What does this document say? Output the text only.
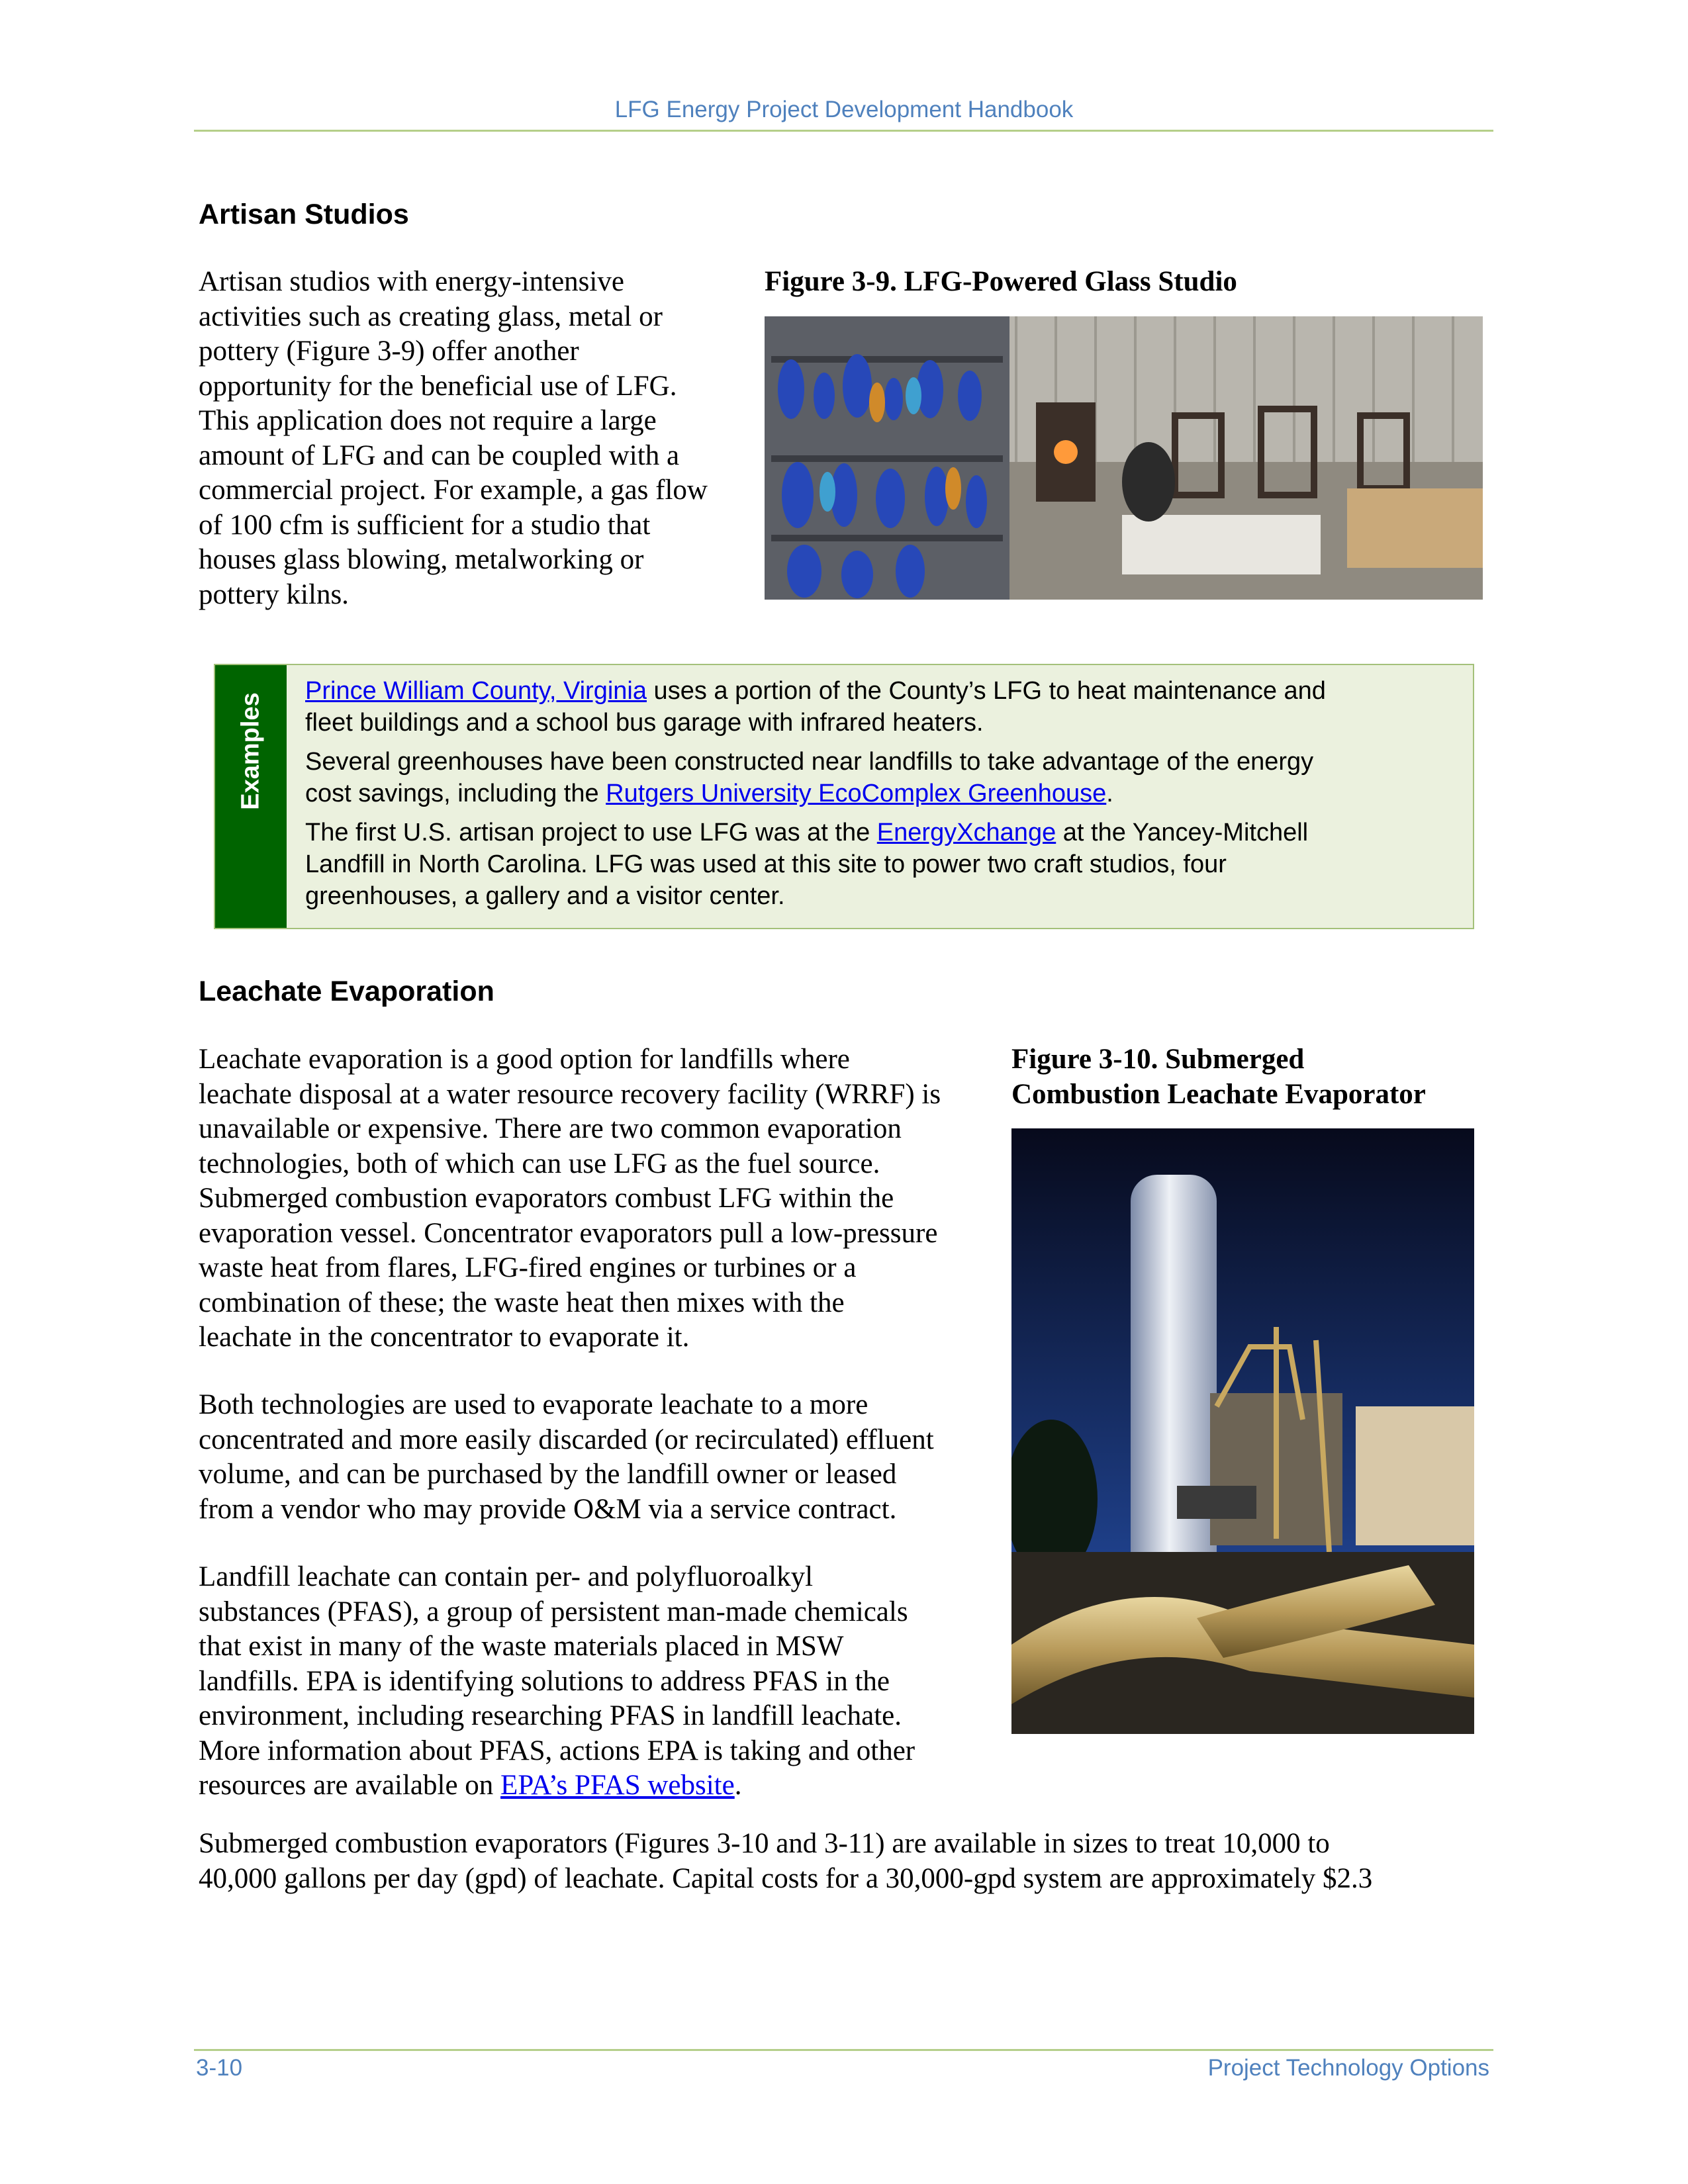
LFG Energy Project Development Handbook
Artisan Studios
Artisan studios with energy-intensive
activities such as creating glass, metal or
pottery (Figure 3-9) offer another
opportunity for the beneficial use of LFG.
This application does not require a large
amount of LFG and can be coupled with a
commercial project. For example, a gas flow
of 100 cfm is sufficient for a studio that
houses glass blowing, metalworking or
pottery kilns.
Figure 3-9. LFG-Powered Glass Studio
Examples

Prince William County, Virginia uses a portion of the County’s LFG to heat maintenance and
fleet buildings and a school bus garage with infrared heaters.

Several greenhouses have been constructed near landfills to take advantage of the energy
cost savings, including the Rutgers University EcoComplex Greenhouse.

The first U.S. artisan project to use LFG was at the EnergyXchange at the Yancey-Mitchell
Landfill in North Carolina. LFG was used at this site to power two craft studios, four
greenhouses, a gallery and a visitor center.

Leachate Evaporation
Leachate evaporation is a good option for landfills where
leachate disposal at a water resource recovery facility (WRRF) is
unavailable or expensive. There are two common evaporation
technologies, both of which can use LFG as the fuel source.
Submerged combustion evaporators combust LFG within the
evaporation vessel. Concentrator evaporators pull a low-pressure
waste heat from flares, LFG-fired engines or turbines or a
combination of these; the waste heat then mixes with the
leachate in the concentrator to evaporate it.
Both technologies are used to evaporate leachate to a more
concentrated and more easily discarded (or recirculated) effluent
volume, and can be purchased by the landfill owner or leased
from a vendor who may provide O&M via a service contract.
Landfill leachate can contain per- and polyfluoroalkyl
substances (PFAS), a group of persistent man-made chemicals
that exist in many of the waste materials placed in MSW
landfills. EPA is identifying solutions to address PFAS in the
environment, including researching PFAS in landfill leachate.
More information about PFAS, actions EPA is taking and other
resources are available on EPA’s PFAS website.
Submerged combustion evaporators (Figures 3-10 and 3-11) are available in sizes to treat 10,000 to
40,000 gallons per day (gpd) of leachate. Capital costs for a 30,000-gpd system are approximately $2.3
Figure 3-10. Submerged
Combustion Leachate Evaporator
3-10	Project Technology Options
